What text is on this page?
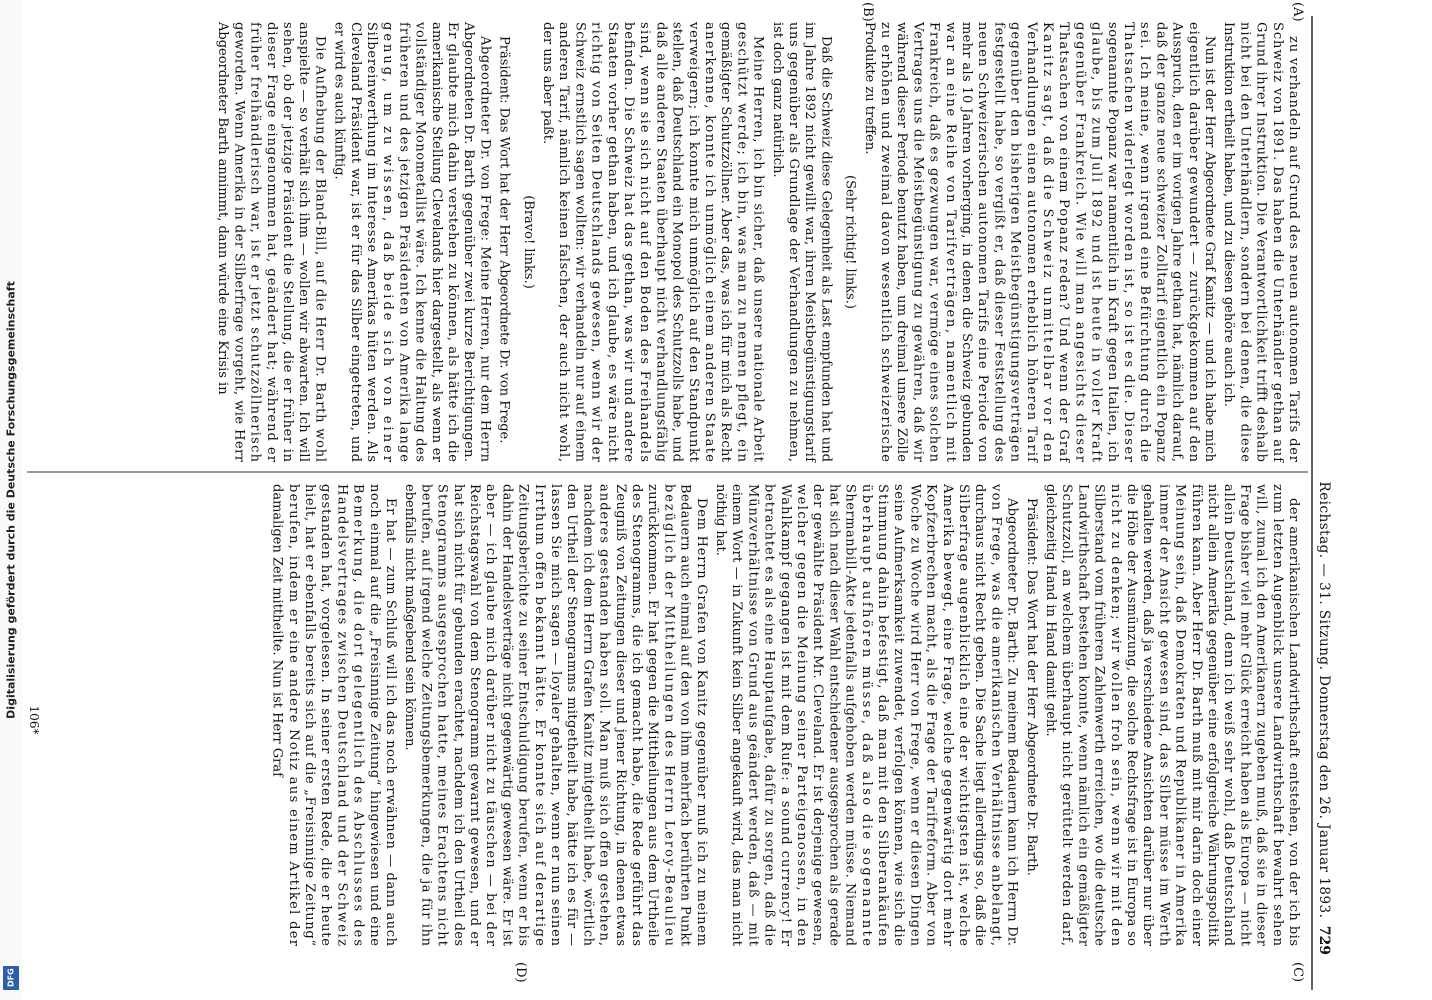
Digitalisierung gefördert durch die Deutsche Forschungsgemeinschaft
DFG
Reichstag. — 31. Sitzung. Donnerstag den 26. Januar 1893.
729
(A)
(B)
(C)
(D)
106*
zu verhandeln auf Grund des neuen autonomen Tarifs der
Schweiz von 1891. Das haben die Unterhändler gethan auf
Grund ihrer Instruktion. Die Verantwortlichkeit trifft deshalb
nicht bei den Unterhändlern, sondern bei denen, die diese
Instruktion ertheilt haben, und zu diesen gehöre auch ich.
Nun ist der Herr Abgeordnete Graf Kanitz — und ich habe mich
eigentlich darüber gewundert — zurückgekommen auf den
Ausspruch, den er im vorigen Jahre gethan hat, nämlich darauf,
daß der ganze neue schweizer Zolltarif eigentlich ein Popanz
sei. Ich meine, wenn irgend eine Befürchtung durch die
Thatsachen widerlegt worden ist, so ist es die. Dieser
sogenannte Popanz war namentlich in Kraft gegen Italien, ich
glaube, bis zum Juli 1892 und ist heute in voller Kraft
gegenüber Frankreich. Wie will man angesichts dieser
Thatsachen von einem Popanz reden? Und wenn der Graf
Kanitz sagt, daß die Schweiz unmittelbar vor den
Verhandlungen einen autonomen erheblich höheren Tarif
gegenüber den bisherigen Meistbegünstigungsverträgen
festgestellt habe, so vergißt er, daß dieser Feststellung des
neuen Schweizerischen autonomen Tarifs eine Periode von
mehr als 10 Jahren vorherging, in denen die Schweiz gebunden
war an eine Reihe von Tarifverträgen, namentlich mit
Frankreich, daß es gezwungen war, vermöge eines solchen
Vertrages uns die Meistbegünstigung zu gewähren, daß wir
während dieser Periode benutzt haben, um dreimal unsere Zölle
zu erhöhen und zweimal davon wesentlich schweizerische
Produkte zu treffen.
(Sehr richtig! links.)
Daß die Schweiz diese Gelegenheit als Last empfunden hat und
im Jahre 1892 nicht gewillt war, ihren Meistbegünstigungstarif
uns gegenüber als Grundlage der Verhandlungen zu nehmen,
ist doch ganz natürlich.
Meine Herren, ich bin sicher, daß unsere nationale Arbeit
geschützt werde; ich bin, was man zu nennen pflegt, ein
gemäßigter Schutzzöllner. Aber das, was ich für mich als Recht
anerkenne, konnte ich unmöglich einem anderen Staate
verweigern; ich konnte mich unmöglich auf den Standpunkt
stellen, daß Deutschland ein Monopol des Schutzzolls habe, und
daß alle anderen Staaten überhaupt nicht verhandlungsfähig
sind, wenn sie sich nicht auf den Boden des Freihandels
befinden. Die Schweiz hat das gethan, was wir und andere
Staaten vorher gethan haben, und ich glaube, es wäre nicht
richtig von Seiten Deutschlands gewesen, wenn wir der
Schweiz ernstlich sagen wollten: wir verhandeln nur auf einem
anderen Tarif, nämlich keinen falschen, der auch nicht wohl,
der uns aber paßt.
(Bravo! links.)
Präsident: Das Wort hat der Herr Abgeordnete Dr. von Frege.
Abgeordneter Dr. von Frege: Meine Herren, nur dem Herrn
Abgeordneten Dr. Barth gegenüber zwei kurze Berichtigungen.
Er glaubte mich dahin verstehen zu können, als hätte ich die
amerikanische Stellung Clevelands hier dargestellt, als wenn er
vollständiger Monometallist wäre. Ich kenne die Haltung des
früheren und des jetzigen Präsidenten von Amerika lange
genug, um zu wissen, daß beide sich von einer
Silbereinwerthung im Interesse Amerikas hüten werden. Als
Cleveland Präsident war, ist er für das Silber eingetreten, und
er wird es auch künftig.
Die Aufhebung der Bland-Bill, auf die Herr Dr. Barth wohl
anspielte — so verhält sich ihm — wollen wir abwarten. Ich will
sehen, ob der jetzige Präsident die Stellung, die er früher in
dieser Frage eingenommen hat, geändert hat; während er
früher freihändlerisch war, ist er jetzt schutzzöllnerisch
geworden. Wenn Amerika in der Silberfrage vorgeht, wie Herr
Abgeordneter Barth annimmt, dann würde eine Krisis in
der amerikanischen Landwirthschaft entstehen, von der ich bis
zum letzten Augenblick unsere Landwirthschaft bewahrt sehen
will, zumal ich den Amerikanern zugeben muß, daß sie in dieser
Frage bisher viel mehr Glück erreicht haben als Europa — nicht
allein Deutschland, denn ich weiß sehr wohl, daß Deutschland
nicht allein Amerika gegenüber eine erfolgreiche Währungspolitik
führen kann. Aber Herr Dr. Barth muß mit mir darin doch einer
Meinung sein, daß Demokraten und Republikaner in Amerika
immer der Ansicht gewesen sind, das Silber müsse im Werth
gehalten werden, daß ja verschiedene Ansichten darüber nur über
die Höhe der Ausmünzung, die solche Rechtsfrage ist in Europa so
nicht zu denken; wir wollen froh sein, wenn wir mit den
Silberstand vom früheren Zahlenwerth erreichen, wo die deutsche
Landwirthschaft bestehen konnte, wenn nämlich ein gemäßigter
Schutzzoll, an welchem überhaupt nicht gerüttelt werden darf,
gleichzeitig Hand in Hand damit geht.
Präsident: Das Wort hat der Herr Abgeordnete Dr. Barth.
Abgeordneter Dr. Barth: Zu meinem Bedauern kann ich Herrn Dr.
von Frege, was die amerikanischen Verhältnisse anbelangt,
durchaus nicht Recht geben. Die Sache liegt allerdings so, daß die
Silberfrage augenblicklich eine der wichtigsten ist, welche
Amerika bewegt, eine Frage, welche gegenwärtig dort mehr
Kopfzerbrechen macht, als die Frage der Tarifreform. Aber von
Woche zu Woche wird Herr von Frege, wenn er diesen Dingen
seine Aufmerksamkeit zuwendet, verfolgen können, wie sich die
Stimmung dahin befestigt, daß man mit den Silberankäufen
überhaupt aufhören müsse, daß also die sogenannte
Shermanbill-Akte jedenfalls aufgehoben werden müsse. Niemand
hat sich nach dieser Wahl entschiedener ausgesprochen als gerade
der gewählte Präsident Mr. Cleveland. Er ist derjenige gewesen,
welcher gegen die Meinung seiner Parteigenossen, in den
Wahlkampf gegangen ist mit dem Rufe: a sound currency! Er
betrachtet es als eine Hauptaufgabe, dafür zu sorgen, daß die
Münzverhältnisse von Grund aus geändert werden, daß — mit
einem Wort — in Zukunft kein Silber angekauft wird, das man nicht
nöthig hat.
Dem Herrn Grafen von Kanitz gegenüber muß ich zu meinem
Bedauern auch einmal auf den von ihm mehrfach berührten Punkt
bezüglich der Mittheilungen des Herrn Leroy-Beaulieu
zurückkommen. Er hat gegen die Mittheilungen aus dem Urtheile
des Stenogramms, die ich gemacht habe, die Rede geführt das
Zeugniß von Zeitungen dieser und jener Richtung, in denen etwas
anderes gestanden haben soll. Man muß sich offen gestehen,
nachdem ich dem Herrn Grafen Kanitz mitgetheilt habe, wörtlich
den Urtheil der Stenogramms mitgetheilt habe, hätte ich es für —
lassen Sie mich sagen — loyaler gehalten, wenn er nun seinen
Irrthum offen bekannt hätte. Er konnte sich auf derartige
Zeitungsberichte zu seiner Entschuldigung berufen, wenn er bis
dahin der Handelsverträge nicht gegenwärtig gewesen wäre. Er ist
aber — ich glaube mich darüber nicht zu täuschen — bei der
Reichstagswahl von dem Stenogramm gewarnt gewesen, und er
hat sich nicht für gebunden erachtet, nachdem ich den Urtheil des
Stenogramms ausgesprochen hatte, meines Erachtens nicht
berufen, auf irgend welche Zeitungsbemerkungen, die ja für ihn
ebenfalls nicht maßgebend sein können.
Er hat — zum Schluß will ich das noch erwähnen — dann auch
noch einmal auf die „Freisinnige Zeitung“ hingewiesen und eine
Bemerkung, die dort gelegentlich des Abschlusses des
Handelsvertrages zwischen Deutschland und der Schweiz
gestanden hat, vorgelesen. In seiner ersten Rede, die er heute
hielt, hat er ebenfalls bereits sich auf die „Freisinnige Zeitung“
berufen, indem er eine andere Notiz aus einem Artikel der
damaligen Zeit mittheilte. Nun ist Herr Graf
